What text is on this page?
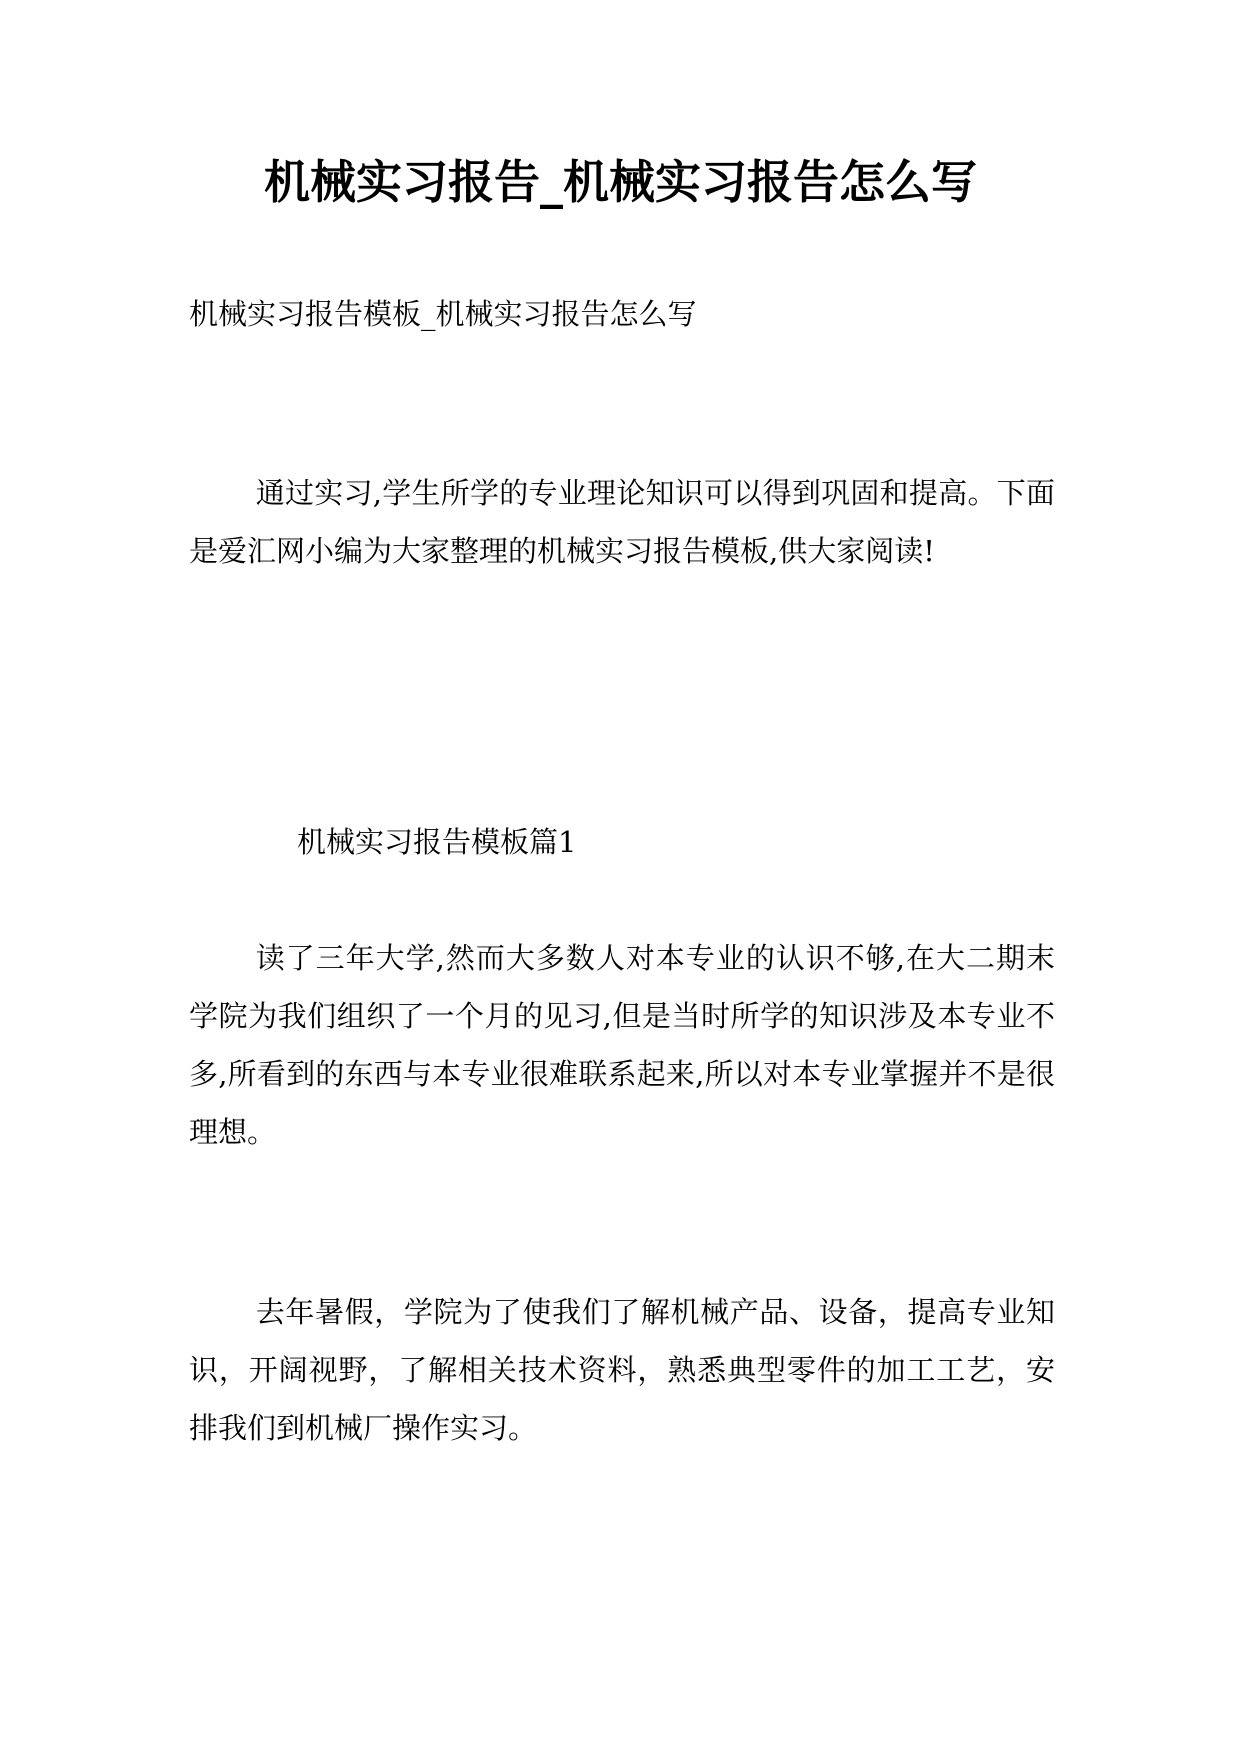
机械实习报告_机械实习报告怎么写

机械实习报告模板_机械实习报告怎么写

通过实习,学生所学的专业理论知识可以得到巩固和提高。下面是爱汇网小编为大家整理的机械实习报告模板,供大家阅读!

机械实习报告模板篇1

读了三年大学,然而大多数人对本专业的认识不够,在大二期末学院为我们组织了一个月的见习,但是当时所学的知识涉及本专业不多,所看到的东西与本专业很难联系起来,所以对本专业掌握并不是很理想。

去年暑假，学院为了使我们了解机械产品、设备，提高专业知识，开阔视野，了解相关技术资料，熟悉典型零件的加工工艺，安排我们到机械厂操作实习。
